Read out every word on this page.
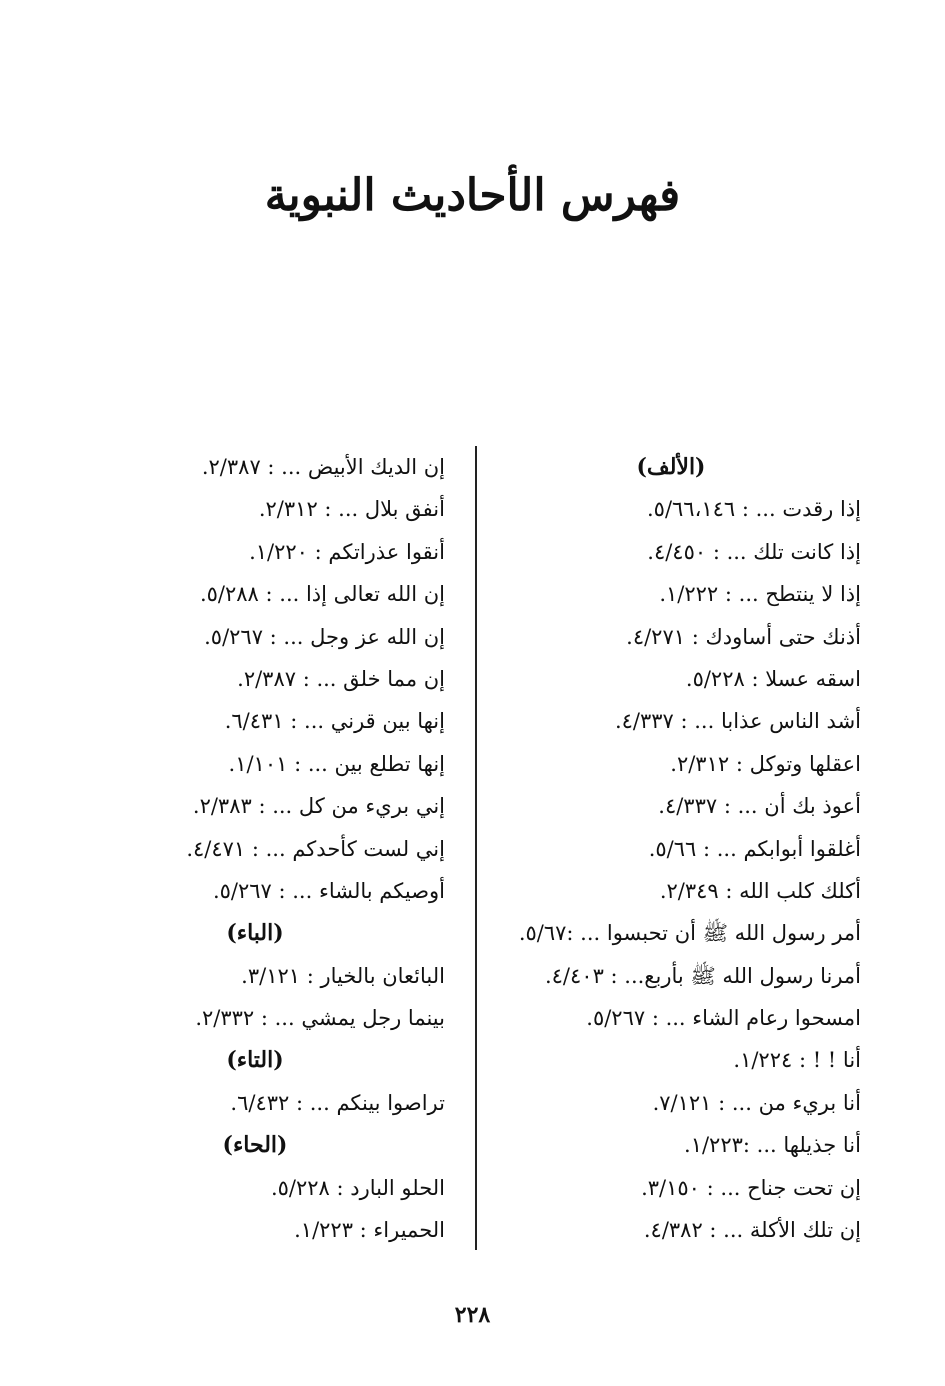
فهرس الأحاديث النبوية
(الألف)
إذا رقدت ... : ٥/٦٦،١٤٦.
إذا كانت تلك ... : ٤/٤٥٠.
إذا لا ينتطح ... : ١/٢٢٢.
أذنك حتى أساودك : ٤/٢٧١.
اسقه عسلا : ٥/٢٢٨.
أشد الناس عذابا ... : ٤/٣٣٧.
اعقلها وتوكل : ٢/٣١٢.
أعوذ بك أن ... : ٤/٣٣٧.
أغلقوا أبوابكم ... : ٥/٦٦.
أكلك كلب الله : ٢/٣٤٩.
أمر رسول الله ﷺ أن تحبسوا ... :٥/٦٧.
أمرنا رسول الله ﷺ بأربع... : ٤/٤٠٣.
امسحوا رعام الشاء ... : ٥/٢٦٧.
أنا ! ! : ١/٢٢٤.
أنا بريء من ... : ٧/١٢١.
أنا جذيلها ... :١/٢٢٣.
إن تحت جناح ... : ٣/١٥٠.
إن تلك الأكلة ... : ٤/٣٨٢.
إن الديك الأبيض ... : ٢/٣٨٧.
أنفق بلال ... : ٢/٣١٢.
أنقوا عذراتكم : ١/٢٢٠.
إن الله تعالى إذا ... : ٥/٢٨٨.
إن الله عز وجل ... : ٥/٢٦٧.
إن مما خلق ... : ٢/٣٨٧.
إنها بين قرني ... : ٦/٤٣١.
إنها تطلع بين ... : ١/١٠١.
إني بريء من كل ... : ٢/٣٨٣.
إني لست كأحدكم ... : ٤/٤٧١.
أوصيكم بالشاء ... : ٥/٢٦٧.
(الباء)
البائعان بالخيار : ٣/١٢١.
بينما رجل يمشي ... : ٢/٣٣٢.
(التاء)
تراصوا بينكم ... : ٦/٤٣٢.
(الحاء)
الحلو البارد : ٥/٢٢٨.
الحميراء : ١/٢٢٣.
٢٢٨
